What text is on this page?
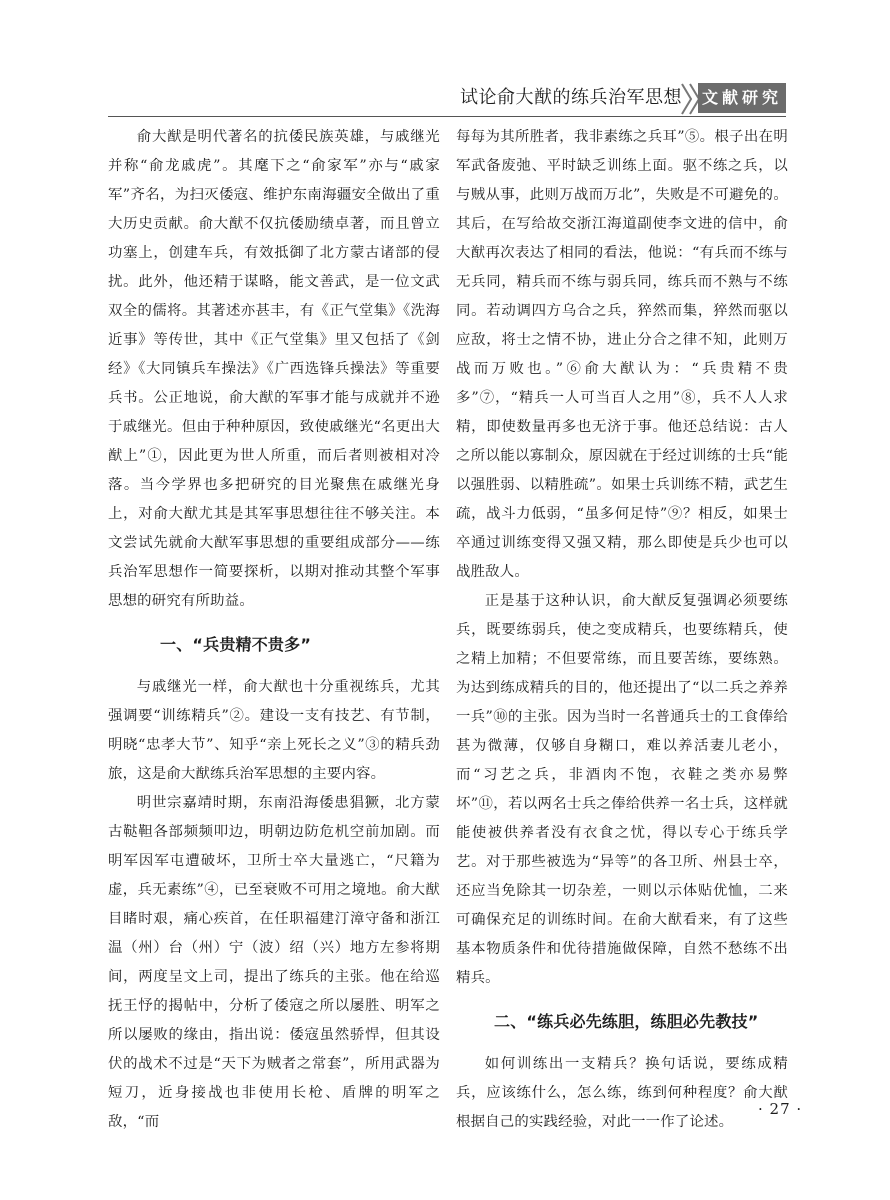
试论俞大猷的练兵治军思想 文献研究

俞大猷是明代著名的抗倭民族英雄，与戚继光并称“俞龙戚虎”。其麾下之“俞家军”亦与“戚家军”齐名，为扫灭倭寇、维护东南海疆安全做出了重大历史贡献。俞大猷不仅抗倭励绩卓著，而且曾立功塞上，创建车兵，有效抵御了北方蒙古诸部的侵扰。此外，他还精于谋略，能文善武，是一位文武双全的儒将。其著述亦甚丰，有《正气堂集》《洗海近事》等传世，其中《正气堂集》里又包括了《剑经》《大同镇兵车操法》《广西选锋兵操法》等重要兵书。公正地说，俞大猷的军事才能与成就并不逊于戚继光。但由于种种原因，致使戚继光“名更出大猷上”①，因此更为世人所重，而后者则被相对冷落。当今学界也多把研究的目光聚焦在戚继光身上，对俞大猷尤其是其军事思想往往不够关注。本文尝试先就俞大猷军事思想的重要组成部分——练兵治军思想作一简要探析，以期对推动其整个军事思想的研究有所助益。

一、“兵贵精不贵多”

与戚继光一样，俞大猷也十分重视练兵，尤其强调要“训练精兵”②。建设一支有技艺、有节制，明晓“忠孝大节”、知乎“亲上死长之义”③的精兵劲旅，这是俞大猷练兵治军思想的主要内容。

明世宗嘉靖时期，东南沿海倭患猖獗，北方蒙古鞑靼各部频频叩边，明朝边防危机空前加剧。而明军因军屯遭破坏，卫所士卒大量逃亡，“尺籍为虚，兵无素练”④，已至衰败不可用之境地。俞大猷目睹时艰，痛心疾首，在任职福建汀漳守备和浙江温（州）台（州）宁（波）绍（兴）地方左参将期间，两度呈文上司，提出了练兵的主张。他在给巡抚王忬的揭帖中，分析了倭寇之所以屡胜、明军之所以屡败的缘由，指出说：倭寇虽然骄悍，但其设伏的战术不过是“天下为贼者之常套”，所用武器为短刀，近身接战也非使用长枪、盾牌的明军之敌，“而

每每为其所胜者，我非素练之兵耳”⑤。根子出在明军武备废弛、平时缺乏训练上面。驱不练之兵，以与贼从事，此则万战而万北”，失败是不可避免的。其后，在写给故交浙江海道副使李文进的信中，俞大猷再次表达了相同的看法，他说：“有兵而不练与无兵同，精兵而不练与弱兵同，练兵而不熟与不练同。若动调四方乌合之兵，猝然而集，猝然而驱以应敌，将士之情不协，进止分合之律不知，此则万战而万败也。”⑥俞大猷认为：“兵贵精不贵多”⑦，“精兵一人可当百人之用”⑧，兵不人人求精，即使数量再多也无济于事。他还总结说：古人之所以能以寡制众，原因就在于经过训练的士兵“能以强胜弱、以精胜疏”。如果士兵训练不精，武艺生疏，战斗力低弱，“虽多何足恃”⑨？相反，如果士卒通过训练变得又强又精，那么即使是兵少也可以战胜敌人。

正是基于这种认识，俞大猷反复强调必须要练兵，既要练弱兵，使之变成精兵，也要练精兵，使之精上加精；不但要常练，而且要苦练，要练熟。为达到练成精兵的目的，他还提出了“以二兵之养养一兵”⑩的主张。因为当时一名普通兵士的工食俸给甚为微薄，仅够自身糊口，难以养活妻儿老小，而“习艺之兵，非酒肉不饱，衣鞋之类亦易弊坏”⑪，若以两名士兵之俸给供养一名士兵，这样就能使被供养者没有衣食之忧，得以专心于练兵学艺。对于那些被选为“异等”的各卫所、州县士卒，还应当免除其一切杂差，一则以示体贴优恤，二来可确保充足的训练时间。在俞大猷看来，有了这些基本物质条件和优待措施做保障，自然不愁练不出精兵。

二、“练兵必先练胆，练胆必先教技”

如何训练出一支精兵？换句话说，要练成精兵，应该练什么，怎么练，练到何种程度？俞大猷根据自己的实践经验，对此一一作了论述。

· 27 ·
